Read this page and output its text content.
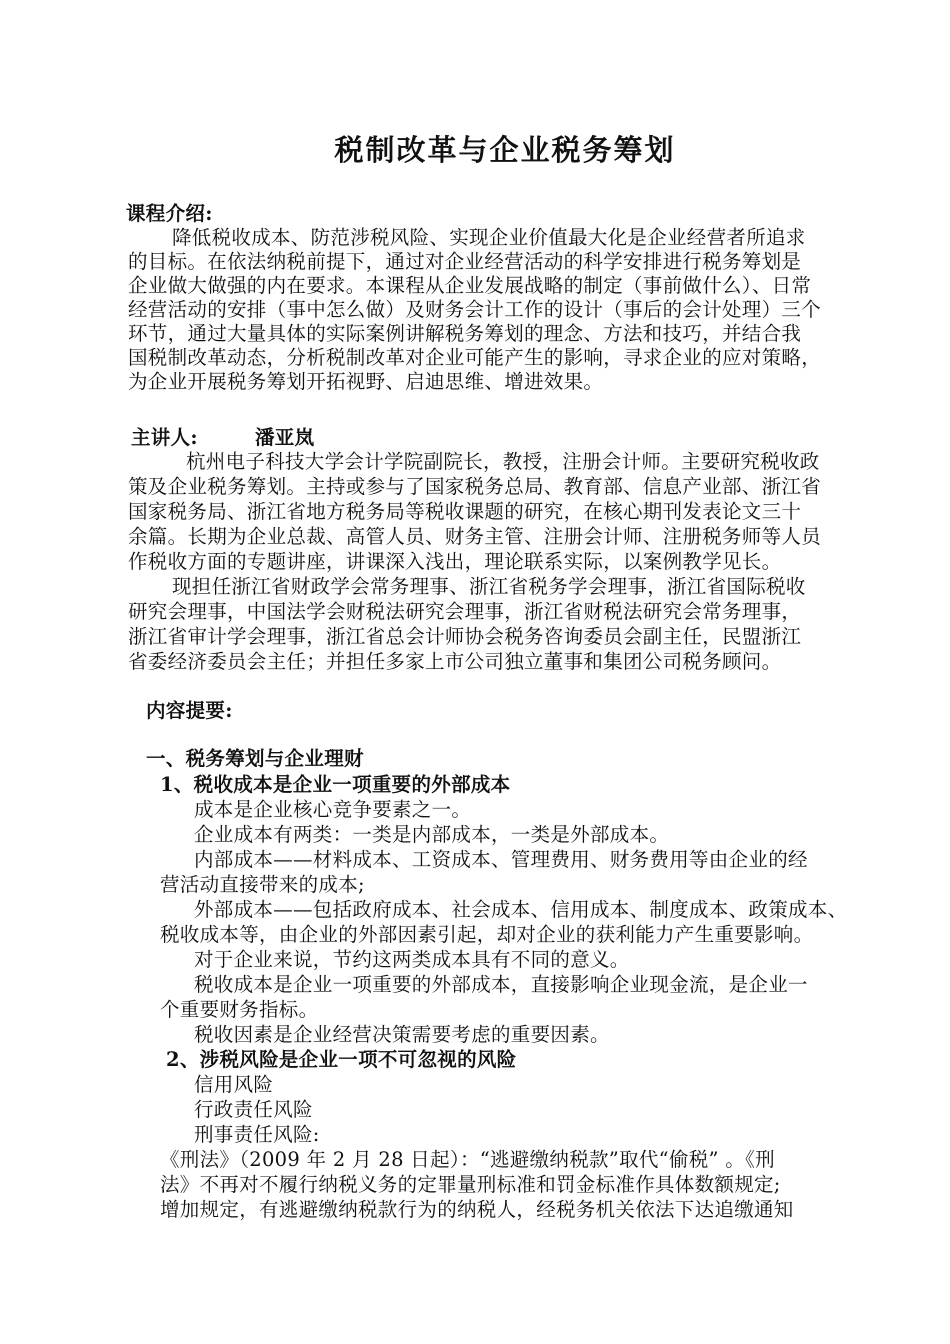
税制改革与企业税务筹划
课程介绍:
降低税收成本、防范涉税风险、实现企业价值最大化是企业经营者所追求
的目标。在依法纳税前提下，通过对企业经营活动的科学安排进行税务筹划是
企业做大做强的内在要求。本课程从企业发展战略的制定（事前做什么）、日常
经营活动的安排（事中怎么做）及财务会计工作的设计（事后的会计处理）三个
环节，通过大量具体的实际案例讲解税务筹划的理念、方法和技巧，并结合我
国税制改革动态，分析税制改革对企业可能产生的影响，寻求企业的应对策略，
为企业开展税务筹划开拓视野、启迪思维、增进效果。
主讲人:	潘亚岚
杭州电子科技大学会计学院副院长，教授，注册会计师。主要研究税收政
策及企业税务筹划。主持或参与了国家税务总局、教育部、信息产业部、浙江省
国家税务局、浙江省地方税务局等税收课题的研究，在核心期刊发表论文三十
余篇。长期为企业总裁、高管人员、财务主管、注册会计师、注册税务师等人员
作税收方面的专题讲座，讲课深入浅出，理论联系实际，以案例教学见长。
现担任浙江省财政学会常务理事、浙江省税务学会理事，浙江省国际税收
研究会理事，中国法学会财税法研究会理事，浙江省财税法研究会常务理事，
浙江省审计学会理事，浙江省总会计师协会税务咨询委员会副主任，民盟浙江
省委经济委员会主任；并担任多家上市公司独立董事和集团公司税务顾问。
内容提要:
一、税务筹划与企业理财
1、税收成本是企业一项重要的外部成本
成本是企业核心竞争要素之一。
企业成本有两类：一类是内部成本，一类是外部成本。
内部成本——材料成本、工资成本、管理费用、财务费用等由企业的经
营活动直接带来的成本;
外部成本——包括政府成本、社会成本、信用成本、制度成本、政策成本、
税收成本等，由企业的外部因素引起，却对企业的获利能力产生重要影响。
对于企业来说，节约这两类成本具有不同的意义。
税收成本是企业一项重要的外部成本，直接影响企业现金流，是企业一
个重要财务指标。
税收因素是企业经营决策需要考虑的重要因素。
2、涉税风险是企业一项不可忽视的风险
信用风险
行政责任风险
刑事责任风险:
《刑法》（2009 年 2 月 28 日起）：“逃避缴纳税款”取代“偷税” 。《刑
法》不再对不履行纳税义务的定罪量刑标准和罚金标准作具体数额规定;
增加规定，有逃避缴纳税款行为的纳税人，经税务机关依法下达追缴通知
